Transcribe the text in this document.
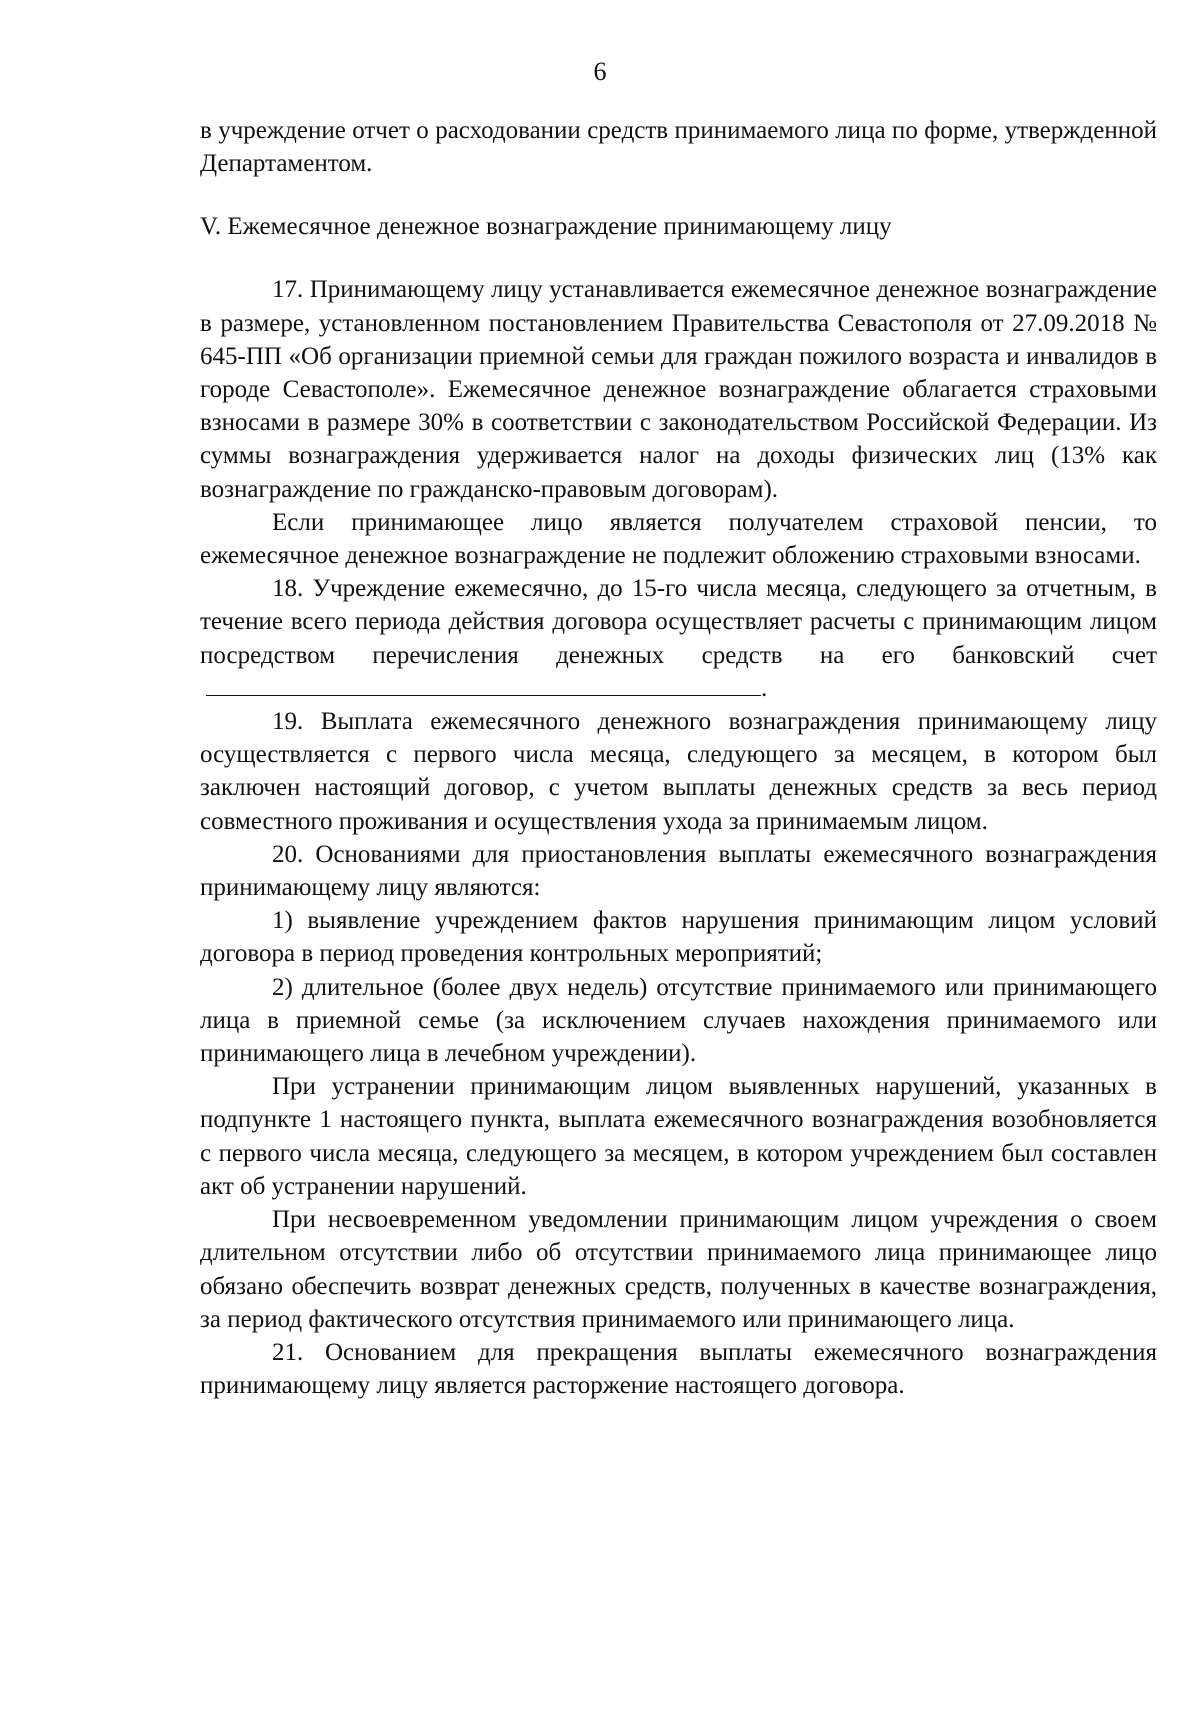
6

в учреждение отчет о расходовании средств принимаемого лица по форме, утвержденной Департаментом.

V. Ежемесячное денежное вознаграждение принимающему лицу

17. Принимающему лицу устанавливается ежемесячное денежное вознаграждение в размере, установленном постановлением Правительства Севастополя от 27.09.2018 № 645-ПП «Об организации приемной семьи для граждан пожилого возраста и инвалидов в городе Севастополе». Ежемесячное денежное вознаграждение облагается страховыми взносами в размере 30% в соответствии с законодательством Российской Федерации. Из суммы вознаграждения удерживается налог на доходы физических лиц (13% как вознаграждение по гражданско-правовым договорам).

Если принимающее лицо является получателем страховой пенсии, то ежемесячное денежное вознаграждение не подлежит обложению страховыми взносами.

18. Учреждение ежемесячно, до 15-го числа месяца, следующего за отчетным, в течение всего периода действия договора осуществляет расчеты с принимающим лицом посредством перечисления денежных средств на его банковский счет.

19. Выплата ежемесячного денежного вознаграждения принимающему лицу осуществляется с первого числа месяца, следующего за месяцем, в котором был заключен настоящий договор, с учетом выплаты денежных средств за весь период совместного проживания и осуществления ухода за принимаемым лицом.

20. Основаниями для приостановления выплаты ежемесячного вознаграждения принимающему лицу являются:

1) выявление учреждением фактов нарушения принимающим лицом условий договора в период проведения контрольных мероприятий;

2) длительное (более двух недель) отсутствие принимаемого или принимающего лица в приемной семье (за исключением случаев нахождения принимаемого или принимающего лица в лечебном учреждении).

При устранении принимающим лицом выявленных нарушений, указанных в подпункте 1 настоящего пункта, выплата ежемесячного вознаграждения возобновляется с первого числа месяца, следующего за месяцем, в котором учреждением был составлен акт об устранении нарушений.

При несвоевременном уведомлении принимающим лицом учреждения о своем длительном отсутствии либо об отсутствии принимаемого лица принимающее лицо обязано обеспечить возврат денежных средств, полученных в качестве вознаграждения, за период фактического отсутствия принимаемого или принимающего лица.

21. Основанием для прекращения выплаты ежемесячного вознаграждения принимающему лицу является расторжение настоящего договора.
